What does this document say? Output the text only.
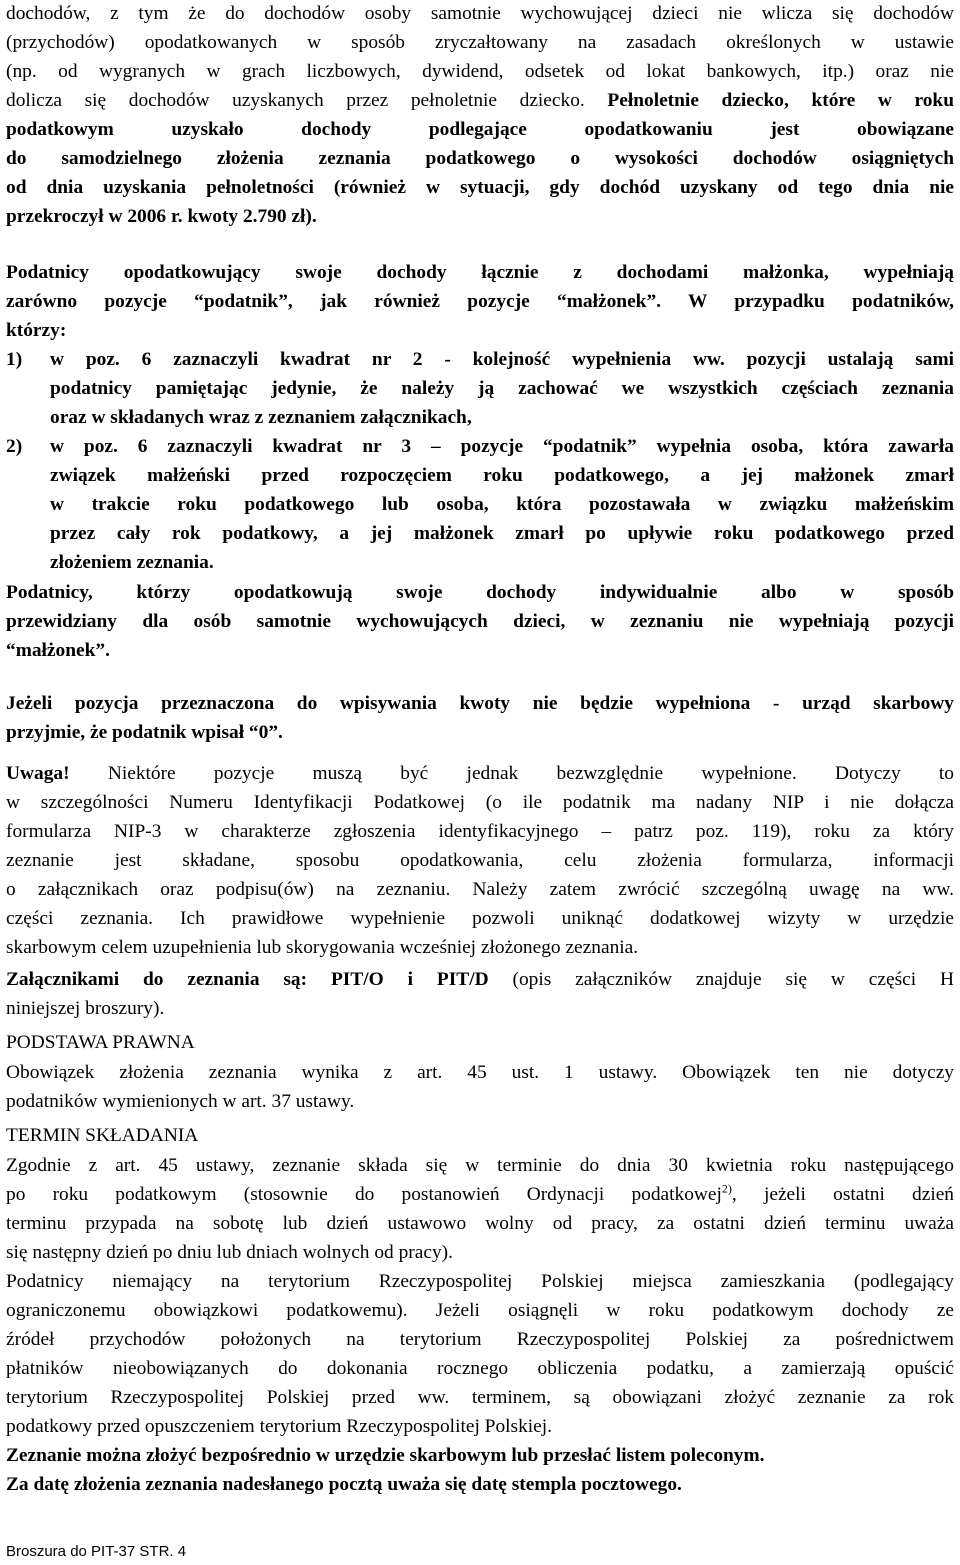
dochodów, z tym że do dochodów osoby samotnie wychowującej dzieci nie wlicza się dochodów
(przychodów) opodatkowanych w sposób zryczałtowany na zasadach określonych w ustawie
(np. od wygranych w grach liczbowych, dywidend, odsetek od lokat bankowych, itp.) oraz nie
dolicza się dochodów uzyskanych przez pełnoletnie dziecko. Pełnoletnie dziecko, które w roku
podatkowym uzyskało dochody podlegające opodatkowaniu jest obowiązane
do samodzielnego złożenia zeznania podatkowego o wysokości dochodów osiągniętych
od dnia uzyskania pełnoletności (również w sytuacji, gdy dochód uzyskany od tego dnia nie
przekroczył w 2006 r. kwoty 2.790 zł).
Podatnicy opodatkowujący swoje dochody łącznie z dochodami małżonka, wypełniają
zarówno pozycje “podatnik”, jak również pozycje “małżonek”. W przypadku podatników,
którzy:
1)	w poz. 6 zaznaczyli kwadrat nr 2 - kolejność wypełnienia ww. pozycji ustalają sami
podatnicy pamiętając jedynie, że należy ją zachować we wszystkich częściach zeznania
oraz w składanych wraz z zeznaniem załącznikach,
2)	w poz. 6 zaznaczyli kwadrat nr 3 – pozycje “podatnik” wypełnia osoba, która zawarła
związek małżeński przed rozpoczęciem roku podatkowego, a jej małżonek zmarł
w trakcie roku podatkowego lub osoba, która pozostawała w związku małżeńskim
przez cały rok podatkowy, a jej małżonek zmarł po upływie roku podatkowego przed
złożeniem zeznania.
Podatnicy, którzy opodatkowują swoje dochody indywidualnie albo w sposób
przewidziany dla osób samotnie wychowujących dzieci, w zeznaniu nie wypełniają pozycji
“małżonek”.
Jeżeli pozycja przeznaczona do wpisywania kwoty nie będzie wypełniona - urząd skarbowy
przyjmie, że podatnik wpisał “0”.
Uwaga! Niektóre pozycje muszą być jednak bezwzględnie wypełnione. Dotyczy to
w szczególności Numeru Identyfikacji Podatkowej (o ile podatnik ma nadany NIP i nie dołącza
formularza NIP-3 w charakterze zgłoszenia identyfikacyjnego – patrz poz. 119), roku za który
zeznanie jest składane, sposobu opodatkowania, celu złożenia formularza, informacji
o załącznikach oraz podpisu(ów) na zeznaniu. Należy zatem zwrócić szczególną uwagę na ww.
części zeznania. Ich prawidłowe wypełnienie pozwoli uniknąć dodatkowej wizyty w urzędzie
skarbowym celem uzupełnienia lub skorygowania wcześniej złożonego zeznania.
Załącznikami do zeznania są: PIT/O i PIT/D (opis załączników znajduje się w części H
niniejszej broszury).
PODSTAWA PRAWNA
Obowiązek złożenia zeznania wynika z art. 45 ust. 1 ustawy. Obowiązek ten nie dotyczy
podatników wymienionych w art. 37 ustawy.
TERMIN SKŁADANIA
Zgodnie z art. 45 ustawy, zeznanie składa się w terminie do dnia 30 kwietnia roku następującego
po roku podatkowym (stosownie do postanowień Ordynacji podatkowej$^{2)}$, jeżeli ostatni dzień
terminu przypada na sobotę lub dzień ustawowo wolny od pracy, za ostatni dzień terminu uważa
się następny dzień po dniu lub dniach wolnych od pracy).
Podatnicy niemający na terytorium Rzeczypospolitej Polskiej miejsca zamieszkania (podlegający
ograniczonemu obowiązkowi podatkowemu). Jeżeli osiągnęli w roku podatkowym dochody ze
źródeł przychodów położonych na terytorium Rzeczypospolitej Polskiej za pośrednictwem
płatników nieobowiązanych do dokonania rocznego obliczenia podatku, a zamierzają opuścić
terytorium Rzeczypospolitej Polskiej przed ww. terminem, są obowiązani złożyć zeznanie za rok
podatkowy przed opuszczeniem terytorium Rzeczypospolitej Polskiej.
Zeznanie można złożyć bezpośrednio w urzędzie skarbowym lub przesłać listem poleconym.
Za datę złożenia zeznania nadesłanego pocztą uważa się datę stempla pocztowego.
Broszura do PIT-37 STR. 4
